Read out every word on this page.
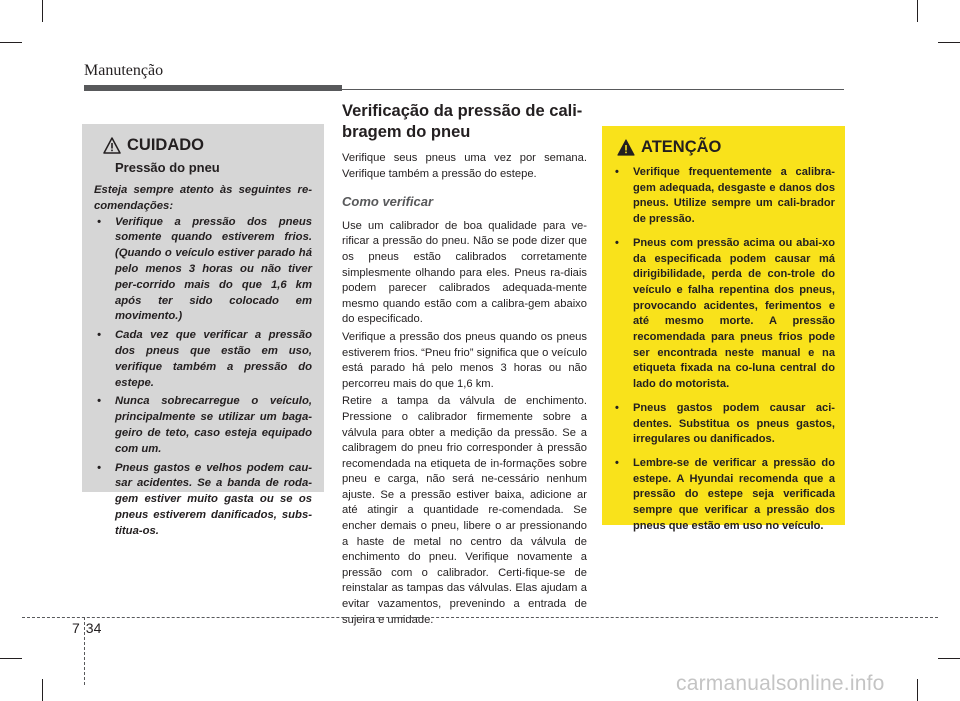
Manutenção
CUIDADO
Pressão do pneu

Esteja sempre atento às seguintes re-comendações:

• Verifique a pressão dos pneus somente quando estiverem frios. (Quando o veículo estiver parado há pelo menos 3 horas ou não tiver per-corrido mais do que 1,6 km após ter sido colocado em movimento.)
• Cada vez que verificar a pressão dos pneus que estão em uso, verifique também a pressão do estepe.
• Nunca sobrecarregue o veículo, principalmente se utilizar um baga-geiro de teto, caso esteja equipado com um.
• Pneus gastos e velhos podem cau-sar acidentes. Se a banda de roda-gem estiver muito gasta ou se os pneus estiverem danificados, subs-titua-os.
Verificação da pressão de cali-bragem do pneu

Verifique seus pneus uma vez por semana. Verifique também a pressão do estepe.

Como verificar

Use um calibrador de boa qualidade para ve-rificar a pressão do pneu. Não se pode dizer que os pneus estão calibrados corretamente simplesmente olhando para eles. Pneus ra-diais podem parecer calibrados adequada-mente mesmo quando estão com a calibra-gem abaixo do especificado.

Verifique a pressão dos pneus quando os pneus estiverem frios. “Pneu frio” significa que o veículo está parado há pelo menos 3 horas ou não percorreu mais do que 1,6 km.

Retire a tampa da válvula de enchimento. Pressione o calibrador firmemente sobre a válvula para obter a medição da pressão. Se a calibragem do pneu frio corresponder à pressão recomendada na etiqueta de in-formações sobre pneu e carga, não será ne-cessário nenhum ajuste. Se a pressão estiver baixa, adicione ar até atingir a quantidade re-comendada. Se encher demais o pneu, libere o ar pressionando a haste de metal no centro da válvula de enchimento do pneu. Verifique novamente a pressão com o calibrador. Certi-fique-se de reinstalar as tampas das válvulas. Elas ajudam a evitar vazamentos, prevenindo a entrada de sujeira e umidade.

ATENÇÃO
• Verifique frequentemente a calibra-gem adequada, desgaste e danos dos pneus. Utilize sempre um cali-brador de pressão.
• Pneus com pressão acima ou abai-xo da especificada podem causar má dirigibilidade, perda de con-trole do veículo e falha repentina dos pneus, provocando acidentes, ferimentos e até mesmo morte. A pressão recomendada para pneus frios pode ser encontrada neste manual e na etiqueta fixada na co-luna central do lado do motorista.
• Pneus gastos podem causar aci-dentes. Substitua os pneus gastos, irregulares ou danificados.
• Lembre-se de verificar a pressão do estepe. A Hyundai recomenda que a pressão do estepe seja verificada sempre que verificar a pressão dos pneus que estão em uso no veículo.
7 34
carmanualsonline.info
